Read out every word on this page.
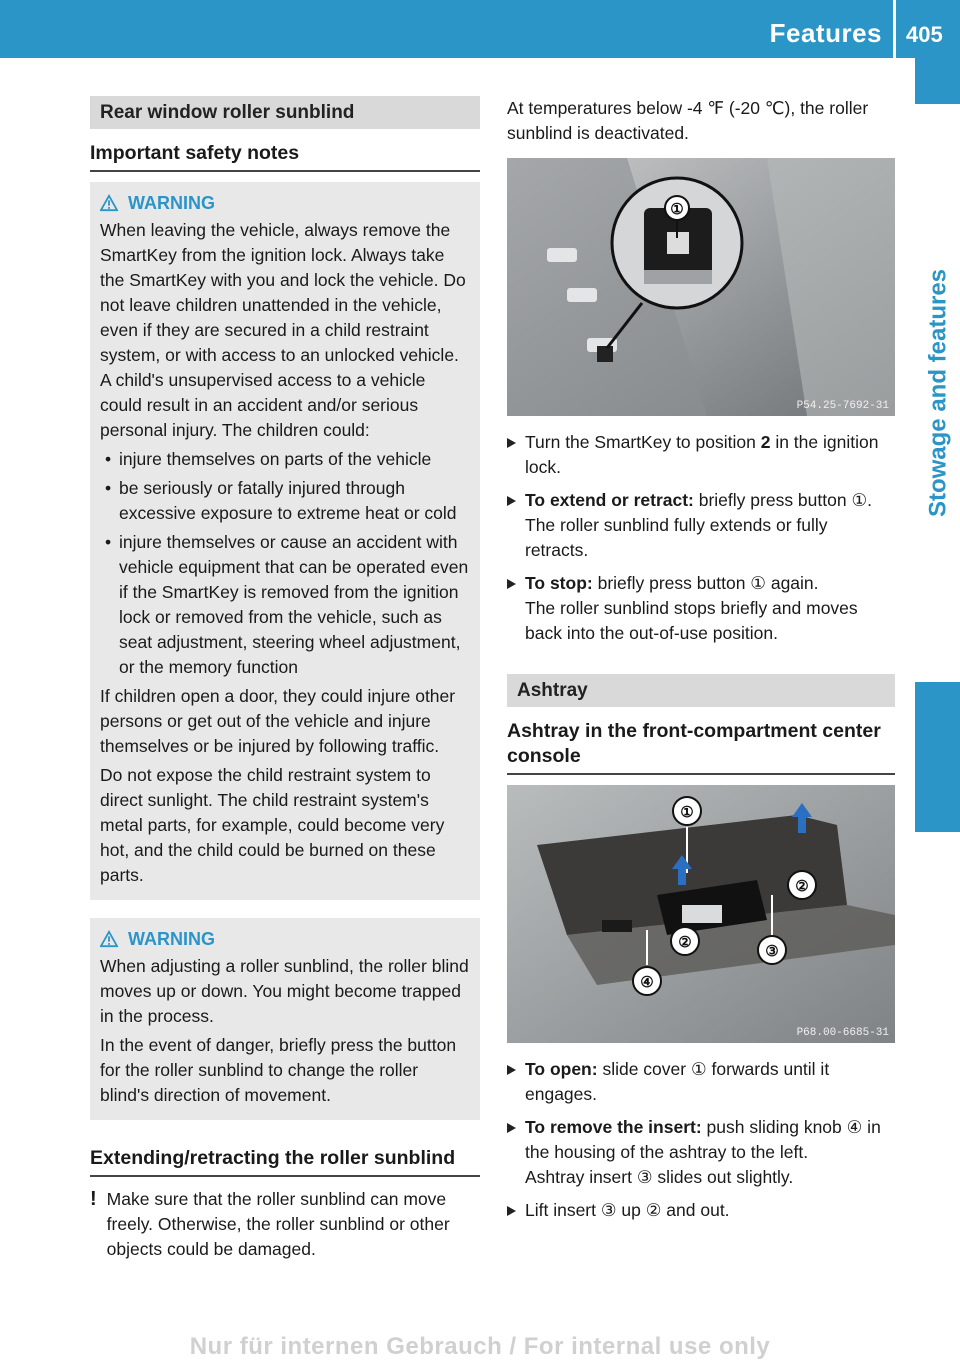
Features 405
Stowage and features
Rear window roller sunblind
Important safety notes
WARNING

When leaving the vehicle, always remove the SmartKey from the ignition lock. Always take the SmartKey with you and lock the vehicle. Do not leave children unattended in the vehicle, even if they are secured in a child restraint system, or with access to an unlocked vehicle. A child's unsupervised access to a vehicle could result in an accident and/or serious personal injury. The children could:

• injure themselves on parts of the vehicle
• be seriously or fatally injured through excessive exposure to extreme heat or cold
• injure themselves or cause an accident with vehicle equipment that can be operated even if the SmartKey is removed from the ignition lock or removed from the vehicle, such as seat adjustment, steering wheel adjustment, or the memory function

If children open a door, they could injure other persons or get out of the vehicle and injure themselves or be injured by following traffic.

Do not expose the child restraint system to direct sunlight. The child restraint system's metal parts, for example, could become very hot, and the child could be burned on these parts.

WARNING

When adjusting a roller sunblind, the roller blind moves up or down. You might become trapped in the process.

In the event of danger, briefly press the button for the roller sunblind to change the roller blind's direction of movement.

Extending/retracting the roller sunblind
! Make sure that the roller sunblind can move freely. Otherwise, the roller sunblind or other objects could be damaged.

At temperatures below -4 ℉ (-20 ℃), the roller sunblind is deactivated.

①
P54.25-7692-31
Turn the SmartKey to position 2 in the ignition lock.
To extend or retract: briefly press button ①.
The roller sunblind fully extends or fully retracts.
To stop: briefly press button ① again.
The roller sunblind stops briefly and moves back into the out-of-use position.
Ashtray
Ashtray in the front-compartment center console
①
②
②
③
④
P68.00-6685-31
To open: slide cover ① forwards until it engages.
To remove the insert: push sliding knob ④ in the housing of the ashtray to the left.
Ashtray insert ③ slides out slightly.
Lift insert ③ up ② and out.
Nur für internen Gebrauch / For internal use only
